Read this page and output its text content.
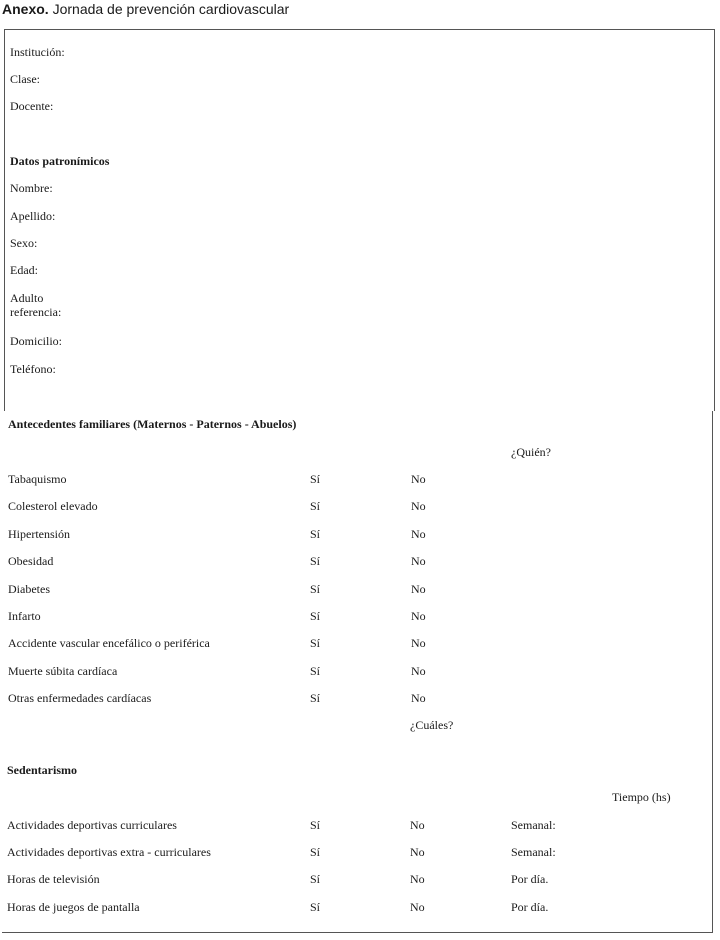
Anexo. Jornada de prevención cardiovascular
Institución:
Clase:
Docente:
Datos patronímicos
Nombre:
Apellido:
Sexo:
Edad:
Adulto referencia:
Domicilio:
Teléfono:
Antecedentes familiares (Maternos - Paternos - Abuelos)
¿Quién?
Tabaquismo	Sí	No
Colesterol elevado	Sí	No
Hipertensión	Sí	No
Obesidad	Sí	No
Diabetes	Sí	No
Infarto	Sí	No
Accidente vascular encefálico o periférica	Sí	No
Muerte súbita cardíaca	Sí	No
Otras enfermedades cardíacas	Sí	No
¿Cuáles?
Sedentarismo
Tiempo (hs)
Actividades deportivas curriculares	Sí	No	Semanal:
Actividades deportivas extra - curriculares	Sí	No	Semanal:
Horas de televisión	Sí	No	Por día.
Horas de juegos de pantalla	Sí	No	Por día.
